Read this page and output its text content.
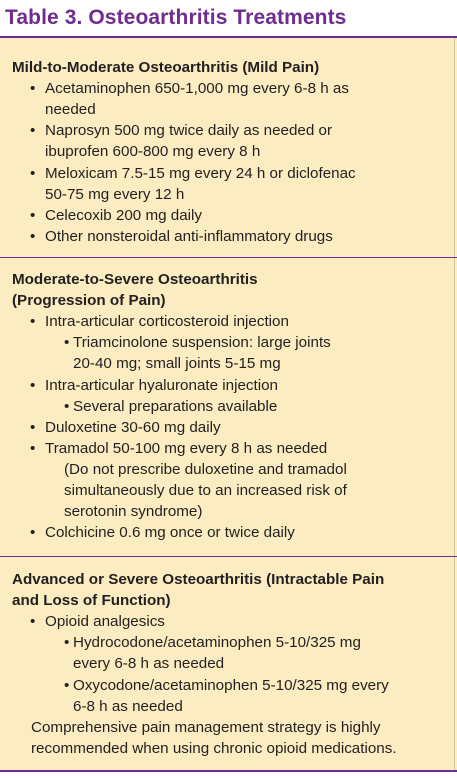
Table 3. Osteoarthritis Treatments
Mild-to-Moderate Osteoarthritis (Mild Pain)
• Acetaminophen 650-1,000 mg every 6-8 h as
needed
• Naprosyn 500 mg twice daily as needed or
ibuprofen 600-800 mg every 8 h
• Meloxicam 7.5-15 mg every 24 h or diclofenac
50-75 mg every 12 h
• Celecoxib 200 mg daily
• Other nonsteroidal anti-inflammatory drugs
Moderate-to-Severe Osteoarthritis
(Progression of Pain)
• Intra-articular corticosteroid injection
• Triamcinolone suspension: large joints
20-40 mg; small joints 5-15 mg
• Intra-articular hyaluronate injection
• Several preparations available
• Duloxetine 30-60 mg daily
• Tramadol 50-100 mg every 8 h as needed
(Do not prescribe duloxetine and tramadol
simultaneously due to an increased risk of
serotonin syndrome)
• Colchicine 0.6 mg once or twice daily
Advanced or Severe Osteoarthritis (Intractable Pain
and Loss of Function)
• Opioid analgesics
• Hydrocodone/acetaminophen 5-10/325 mg
every 6-8 h as needed
• Oxycodone/acetaminophen 5-10/325 mg every
6-8 h as needed
Comprehensive pain management strategy is highly
recommended when using chronic opioid medications.
